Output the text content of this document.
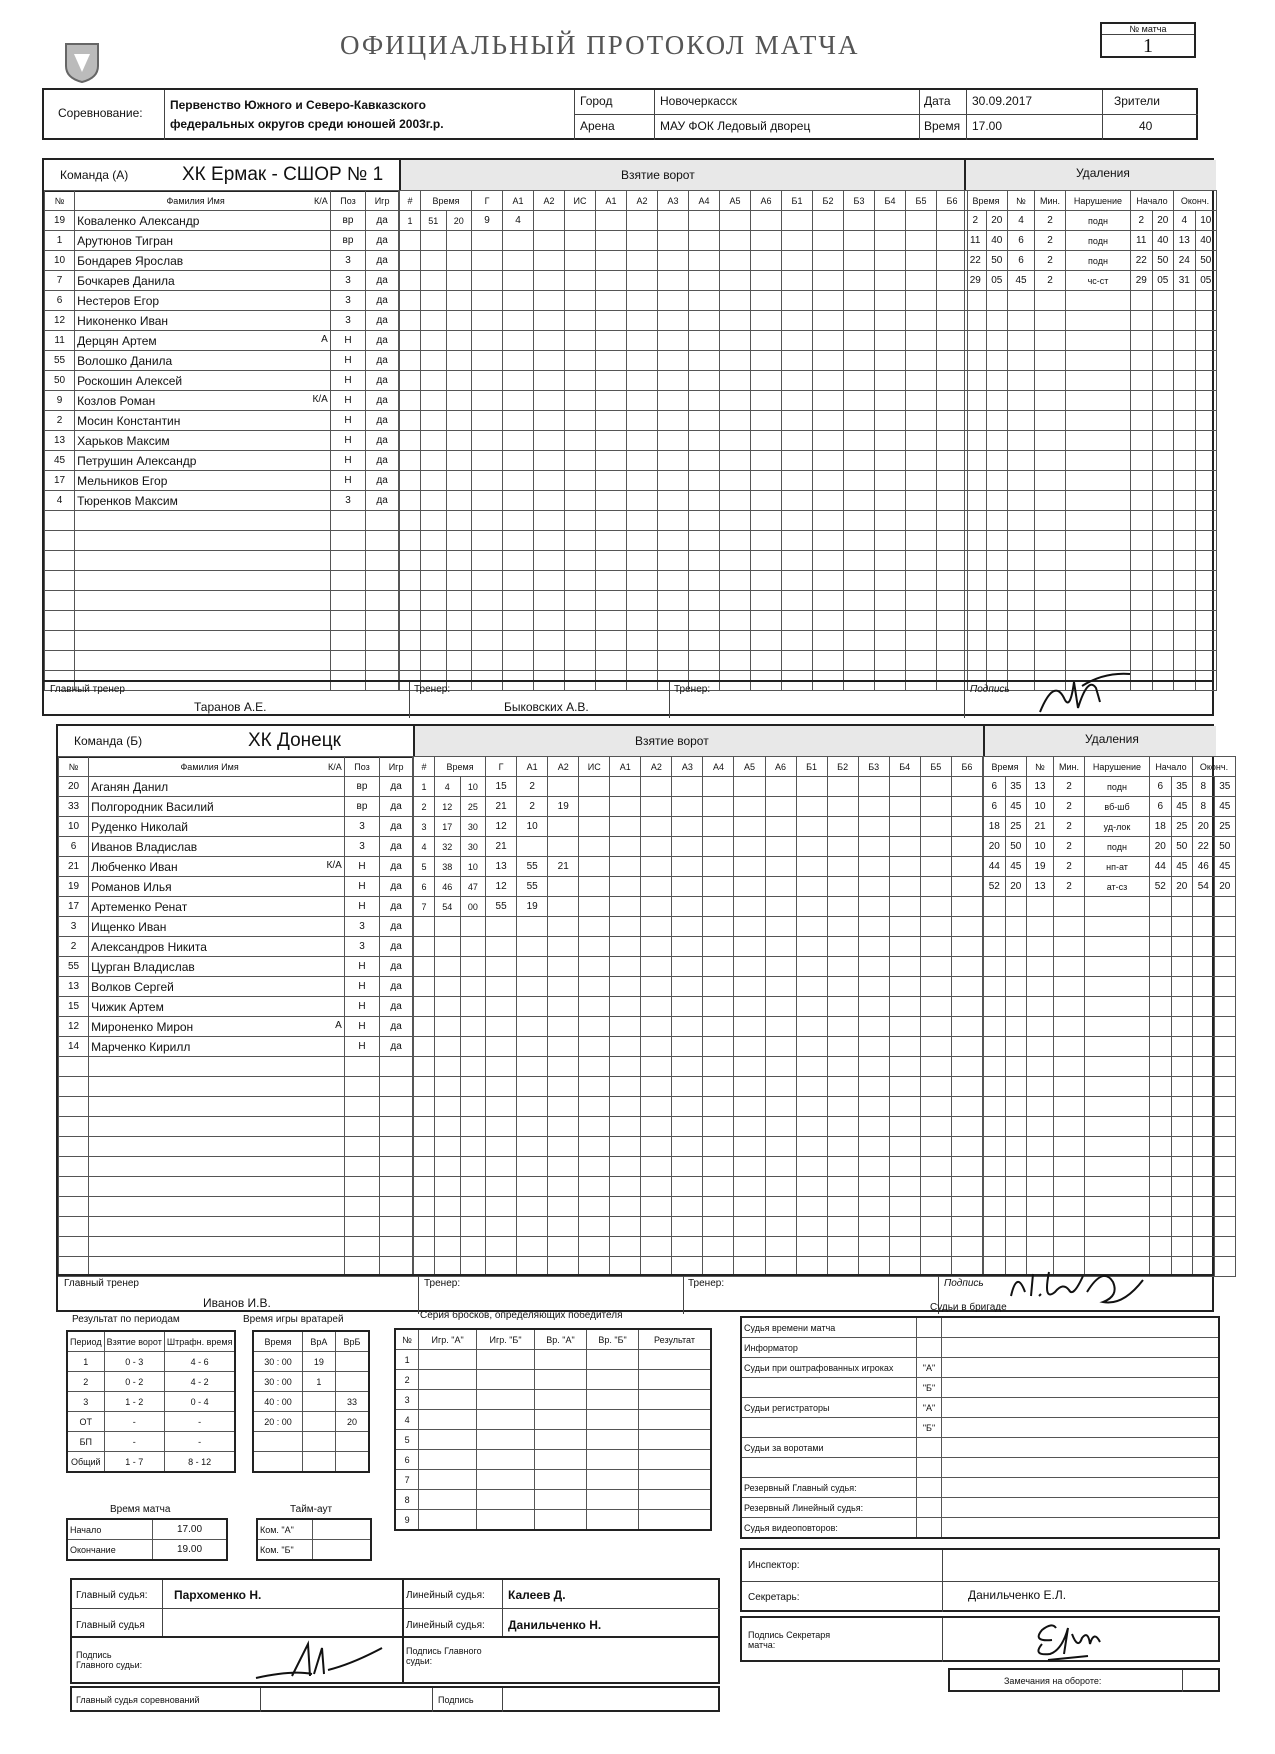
ОФИЦИАЛЬНЫЙ ПРОТОКОЛ МАТЧА
№ матча
1
Соревнование:
Первенство Южного и Северо-Кавказского федеральных округов среди юношей 2003г.р.
Город
Арена
Новочеркасск
МАУ ФОК Ледовый дворец
Дата
Время
30.09.2017
17.00
Зрители
40
Команда (А)	ХК Ермак - СШОР № 1	Взятие ворот	Удаления
№	Фамилия Имя К/А	Поз	Игр
19	Коваленко Александр	вр	да
1	Арутюнов Тигран	вр	да
10	Бондарев Ярослав	3	да
7	Бочкарев Данила	3	да
6	Нестеров Егор	3	да
12	Никоненко Иван	3	да
11	Дерцян Артем А	Н	да
55	Волошко Данила	Н	да
50	Роскошин Алексей	Н	да
9	Козлов Роман К/А	Н	да
2	Мосин Константин	Н	да
13	Харьков Максим	Н	да
45	Петрушин Александр	Н	да
17	Мельников Егор	Н	да
4	Тюренков Максим	3	да

#	Время		Г	А1	А2	ИС	А1	А2	А3	А4	А5	А6	Б1	Б2	Б3	Б4	Б5	Б6
1	51	20	9	4														

Время		№	Мин.	Нарушение	Начало		Оконч.	
2	20	4	2	подн	2	20	4	10
11	40	6	2	подн	11	40	13	40
22	50	6	2	подн	22	50	24	50
29	05	45	2	чс-ст	29	05	31	05

Главный тренер
Таранов А.Е.
Тренер:
Быковских А.В.
Тренер:	Подпись
Команда (Б)	ХК Донецк	Взятие ворот	Удаления
№	Фамилия Имя К/А	Поз	Игр
20	Аганян Данил	вр	да
33	Полгородник Василий	вр	да
10	Руденко Николай	3	да
6	Иванов Владислав	3	да
21	Любченко Иван К/А	Н	да
19	Романов Илья	Н	да
17	Артеменко Ренат	Н	да
3	Ищенко Иван	3	да
2	Александров Никита	3	да
55	Цурган Владислав	Н	да
13	Волков Сергей	Н	да
15	Чижик Артем	Н	да
12	Мироненко Мирон А	Н	да
14	Марченко Кирилл	Н	да

#	Время		Г	А1	А2	ИС	А1	А2	А3	А4	А5	А6	Б1	Б2	Б3	Б4	Б5	Б6
1	4	10	15	2														
2	12	25	21	2	19													
3	17	30	12	10														
4	32	30	21															
5	38	10	13	55	21													
6	46	47	12	55														
7	54	00	55	19														

Время		№	Мин.	Нарушение	Начало		Оконч.	
6	35	13	2	подн	6	35	8	35
6	45	10	2	вб-шб	6	45	8	45
18	25	21	2	уд-лок	18	25	20	25
20	50	10	2	подн	20	50	22	50
44	45	19	2	нп-ат	44	45	46	45
52	20	13	2	ат-сз	52	20	54	20

Главный тренер
Иванов И.В.
Тренер:	Тренер:	Подпись
Результат по периодам
Период	Взятие ворот	Штрафн. время
1	0 - 3	4 - 6
2	0 - 2	4 - 2
3	1 - 2	0 - 4
ОТ	-	-
БП	-	-
Общий	1 - 7	8 - 12
Время игры вратарей
Время	ВрА	ВрБ
30 : 00	19	
30 : 00	1	
40 : 00		33
20 : 00		20

Время матча
Начало	17.00
Окончание	19.00
Тайм-аут
Ком. "А"	
Ком. "Б"	
Серия бросков, определяющих победителя
№	Игр. "А"	Игр. "Б"	Вр. "А"	Вр. "Б"	Результат
1					
2					
3					
4					
5					
6					
7					
8					
9					
Главный судья: Пархоменко Н.
Главный судья
Линейный судья: Калеев Д.
Линейный судья: Данильченко Н.
Подпись Главного судьи:
Подпись Главного судьи:
Главный судья соревнований	Подпись
Судьи в бригаде
Судья времени матча		
Информатор		
Судьи при оштрафованных игроках	"А"	
	"Б"	
Судьи регистраторы	"А"	
	"Б"	
Судьи за воротами		

Резервный Главный судья:		
Резервный Линейный судья:		
Судья видеоповторов:		
Инспектор:
Секретарь:	Данильченко Е.Л.
Подпись Секретаря матча:
Замечания на обороте:
